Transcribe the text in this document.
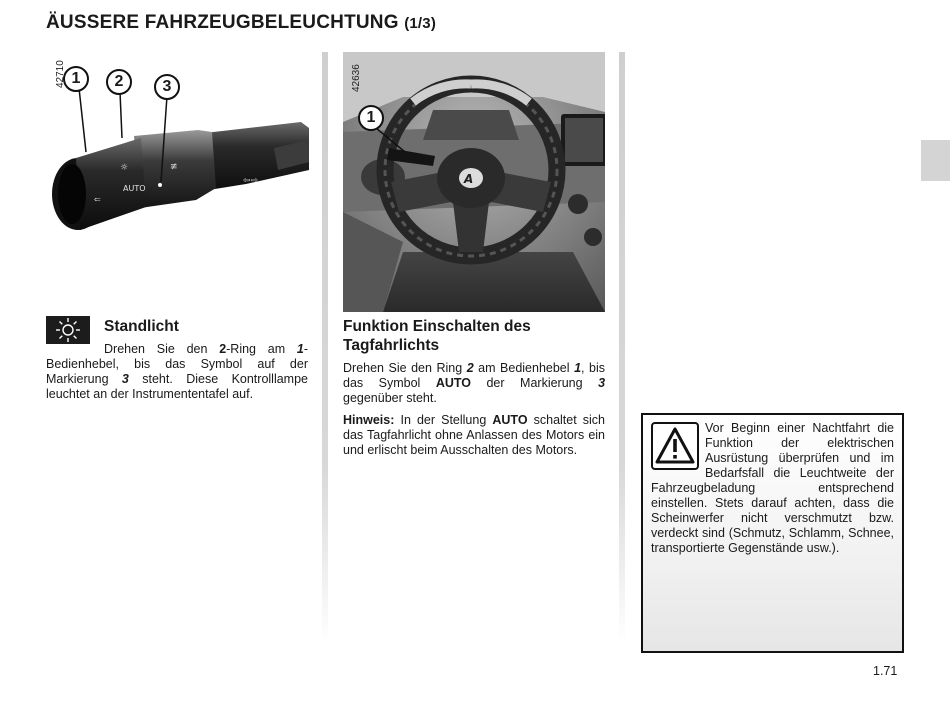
ÄUSSERE FAHRZEUGBELEUCHTUNG (1/3)
☼
AUTO
≢
⇦⇨
⇐
1	2	3
42710
A
1
42636
Standlicht
Drehen Sie den 2-Ring am 1-Bedienhebel, bis das Symbol auf der Markierung 3 steht. Diese Kontrolllampe leuchtet an der Instrumententafel auf.
Funktion Einschalten des Tagfahrlichts
Drehen Sie den Ring 2 am Bedienhebel 1, bis das Symbol AUTO der Markierung 3 gegenüber steht.
Hinweis: In der Stellung AUTO schaltet sich das Tagfahrlicht ohne Anlassen des Motors ein und erlischt beim Ausschalten des Motors.
Vor Beginn einer Nachtfahrt die Funktion der elektrischen Ausrüstung überprüfen und im Bedarfsfall die Leuchtweite der Fahrzeugbeladung entsprechend einstellen. Stets darauf achten, dass die Scheinwerfer nicht verschmutzt bzw. verdeckt sind (Schmutz, Schlamm, Schnee, transportierte Gegenstände usw.).
1.71
